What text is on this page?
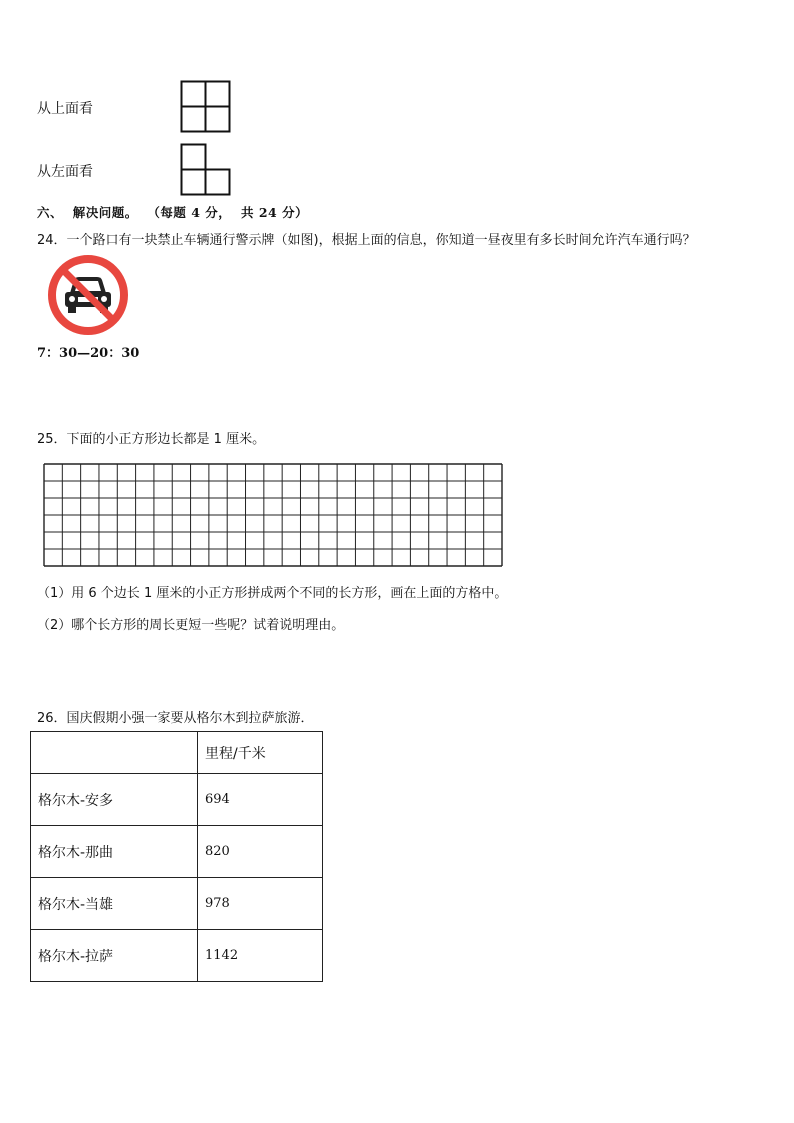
从上面看
从左面看
六、  解决问题。  （每题 4 分，  共 24 分）
24．一个路口有一块禁止车辆通行警示牌（如图)，根据上面的信息，你知道一昼夜里有多长时间允许汽车通行吗？
7：30—20：30
25．下面的小正方形边长都是 1 厘米。
（1）用 6 个边长 1 厘米的小正方形拼成两个不同的长方形，画在上面的方格中。
（2）哪个长方形的周长更短一些呢？试着说明理由。
26．国庆假期小强一家要从格尔木到拉萨旅游．
	里程/千米
格尔木-安多	694
格尔木-那曲	820
格尔木-当雄	978
格尔木-拉萨	1142
